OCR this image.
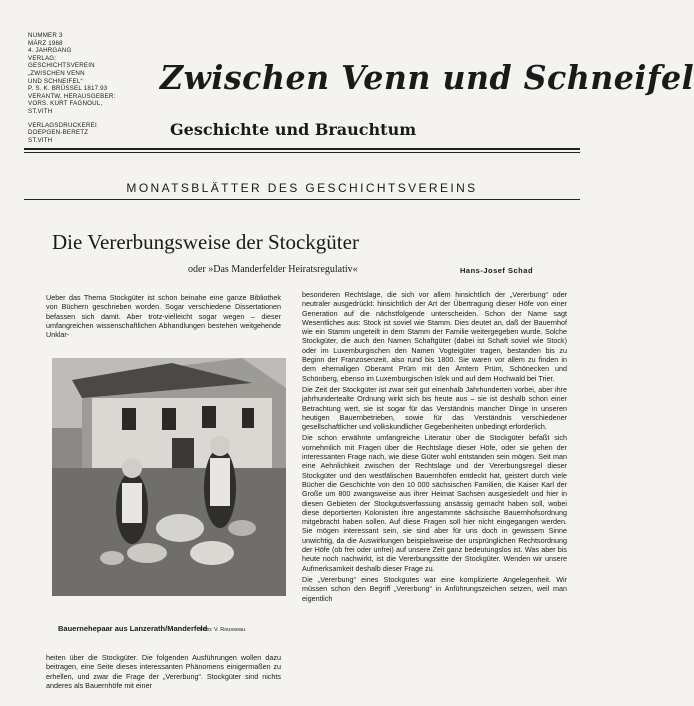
NUMMER 3
MÄRZ 1968
4. JAHRGANG
VERLAG:
GESCHICHTSVEREIN
„ZWISCHEN VENN
UND SCHNEIFEL“
P. S. K. BRÜSSEL 1817.93
VERANTW. HERAUSGEBER:
VORS. KURT FAGNOUL,
ST.VITH
VERLAGSDRUCKEREI
DOEPGEN-BERETZ
ST.VITH
Zwischen Venn und Schneifel
Geschichte und Brauchtum
MONATSBLÄTTER DES GESCHICHTSVEREINS
Die Vererbungsweise der Stockgüter
oder »Das Manderfelder Heiratsregulativ«	Hans-Josef Schad

Ueber das Thema Stockgüter ist schon beinahe eine ganze Bibliothek von Büchern geschrieben worden. Sogar verschiedene Dissertationen befassen sich damit. Aber trotz-vielleicht sogar wegen – dieser umfangreichen wissenschaftlichen Abhandlungen bestehen weitgehende Unklar-

Bauernehepaar aus Lanzerath/Manderfeld
Foto: V. Rousseau

heiten über die Stockgüter. Die folgenden Ausführungen wollen dazu beitragen, eine Seite dieses interessanten Phänomens einigermaßen zu erhellen, und zwar die Frage der „Vererbung“. Stockgüter sind nichts anderes als Bauernhöfe mit einer

besonderen Rechtslage, die sich vor allem hinsichtlich der „Vererbung“ oder neutraler ausgedrückt: hinsichtlich der Art der Übertragung dieser Höfe von einer Generation auf die nächstfolgende unterscheiden. Schon der Name sagt Wesentliches aus: Stock ist soviel wie Stamm. Dies deutet an, daß der Bauernhof wie ein Stamm ungeteilt in dem Stamm der Familie weitergegeben wurde. Solche Stockgüter, die auch den Namen Schaftgüter (dabei ist Schaft soviel wie Stock) oder im Luxemburgischen den Namen Vogteigüter tragen, bestanden bis zu Beginn der Franzosenzeit, also rund bis 1800. Sie waren vor allem zu finden in dem ehemaligen Oberamt Prüm mit den Ämtern Prüm, Schönecken und Schönberg, ebenso im Luxemburgischen Islek und auf dem Hochwald bei Trier.

Die Zeit der Stockgüter ist zwar seit gut einenhalb Jahrhunderten vorbei, aber ihre jahrhundertealte Ordnung wirkt sich bis heute aus – sie ist deshalb schon einer Betrachtung wert, sie ist sogar für das Verständnis mancher Dinge in unseren heutigen Bauernbetrieben, sowie für das Verständnis verschiedener gesellschaftlicher und volkskundlicher Gegebenheiten unbedingt erforderlich.

Die schon erwähnte umfangreiche Literatur über die Stockgüter befaßt sich vornehmlich mit Fragen über die Rechtslage dieser Höfe, oder sie gehen der interessanten Frage nach, wie diese Güter wohl entstanden sein mögen. Seit man eine Aehnlichkeit zwischen der Rechtslage und der Vererbungsregel dieser Stockgüter und den westfälischen Bauernhöfen entdeckt hat, geistert durch viele Bücher die Geschichte von den 10 000 sächsischen Familien, die Kaiser Karl der Große um 800 zwangsweise aus ihrer Heimat Sachsen ausgesiedelt und hier in diesen Gebieten der Stockgutsverfassung ansässig gemacht haben soll, wobei diese deportierten Kolonisten ihre angestammte sächsische Bauernhofsordnung mitgebracht haben sollen. Auf diese Fragen soll hier nicht eingegangen werden. Sie mögen interessant sein, sie sind aber für uns doch in gewissem Sinne unwichtig, da die Auswirkungen beispielsweise der ursprünglichen Rechtsordnung der Höfe (ob frei oder unfrei) auf unsere Zeit ganz bedeutungslos ist. Was aber bis heute noch nachwirkt, ist die Vererbungssitte der Stockgüter. Wenden wir unsere Aufmerksamkeit deshalb dieser Frage zu.

Die „Vererbung“ eines Stockgutes war eine komplizierte Angelegenheit. Wir müssen schon den Begriff „Vererbung“ in Anführungszeichen setzen, weil man eigentlich
